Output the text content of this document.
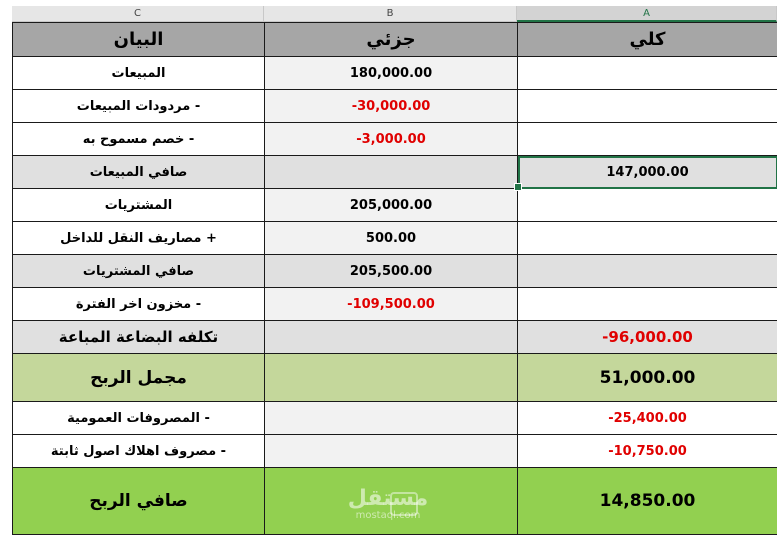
C	B	A
البيان	جزئي	كلي
المبيعات	180,000.00	
مردودات المبيعات -	-30,000.00	
خصم مسموح به -	-3,000.00	
صافي المبيعات		147,000.00
المشتريات	205,000.00	
مصاريف النقل للداخل +	500.00	
صافي المشتريات	205,500.00	
مخزون اخر الفترة -	-109,500.00	
تكلفه البضاعة المباعة		-96,000.00
مجمل الربح		51,000.00
المصروفات العمومية -		-25,400.00
مصروف اهلاك اصول ثابتة -		-10,750.00
صافي الربح		14,850.00
مستقل
mostaql.com
